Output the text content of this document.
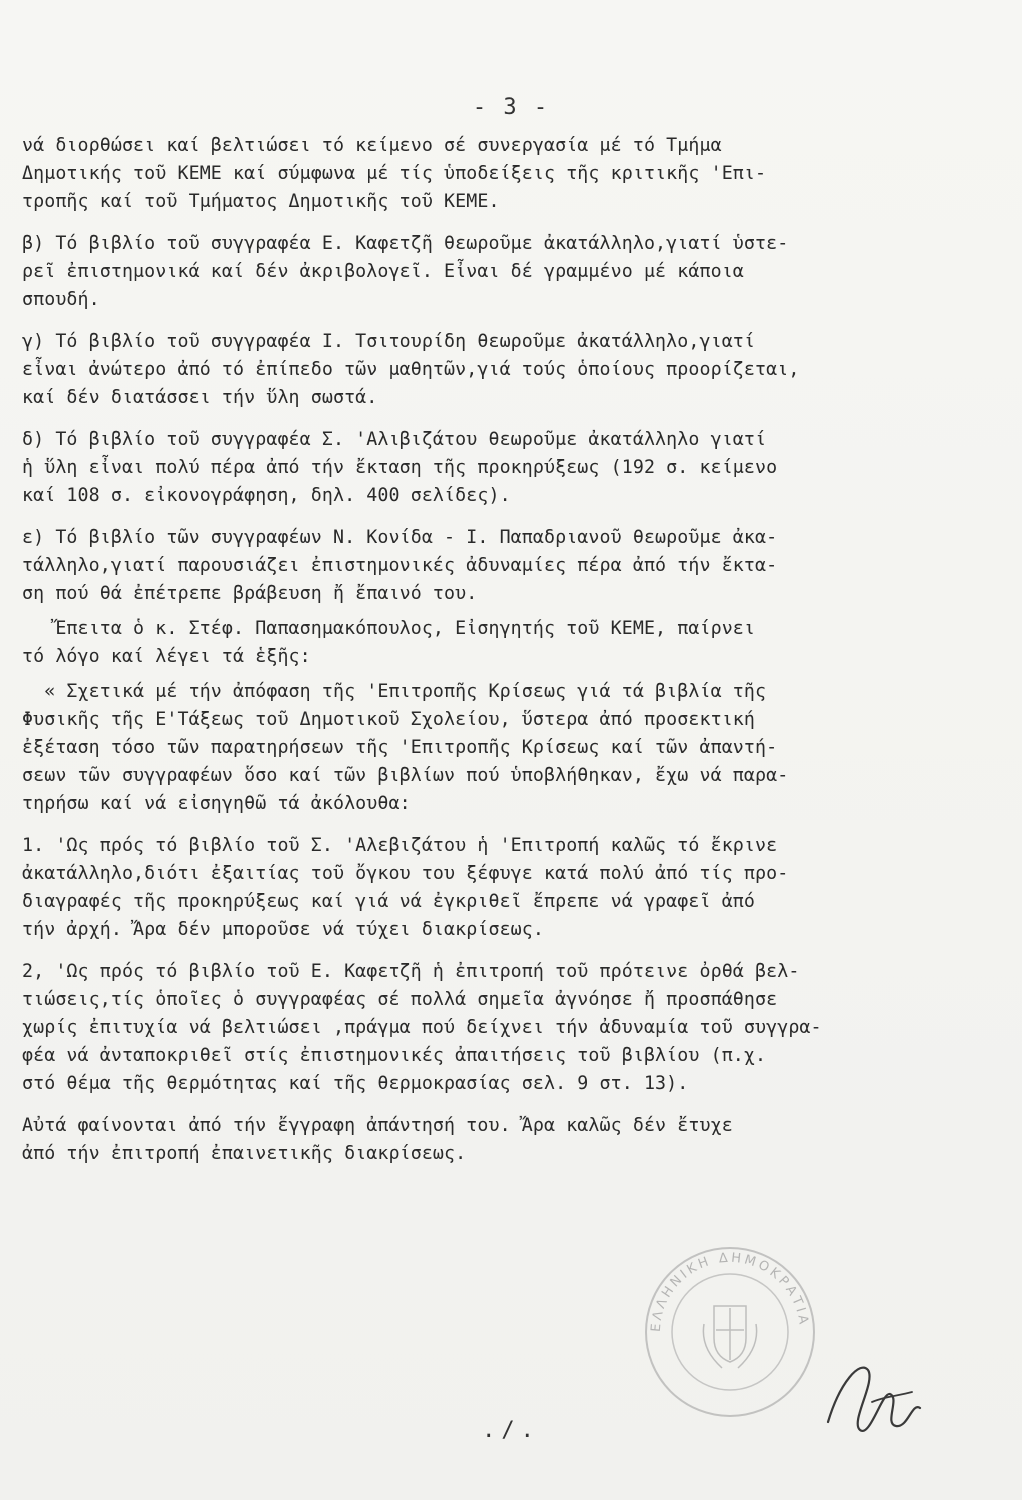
- 3 -
νά διορθώσει καί βελτιώσει τό κείμενο σέ συνεργασία μέ τό Τμήμα
Δημοτικής τοῦ ΚΕΜΕ καί σύμφωνα μέ τίς ὑποδείξεις τῆς κριτικῆς 'Επι-
τροπῆς καί τοῦ Τμήματος Δημοτικῆς τοῦ ΚΕΜΕ.
β) Τό βιβλίο τοῦ συγγραφέα Ε. Καφετζῆ θεωροῦμε ἀκατάλληλο,γιατί ὑστε-
ρεῖ ἐπιστημονικά καί δέν ἀκριβολογεῖ. Εἶναι δέ γραμμένο μέ κάποια
σπουδή.
γ) Τό βιβλίο τοῦ συγγραφέα Ι. Τσιτουρίδη θεωροῦμε ἀκατάλληλο,γιατί
εἶναι ἀνώτερο ἀπό τό ἐπίπεδο τῶν μαθητῶν,γιά τούς ὁποίους προορίζεται,
καί δέν διατάσσει τήν ὕλη σωστά.
δ) Τό βιβλίο τοῦ συγγραφέα Σ. 'Αλιβιζάτου θεωροῦμε ἀκατάλληλο γιατί
ἡ ὕλη εἶναι πολύ πέρα ἀπό τήν ἔκταση τῆς προκηρύξεως (192 σ. κείμενο
καί 108 σ. εἰκονογράφηση, δηλ. 400 σελίδες).
ε) Τό βιβλίο τῶν συγγραφέων Ν. Κονίδα - Ι. Παπαδριανοῦ θεωροῦμε ἀκα-
τάλληλο,γιατί παρουσιάζει ἐπιστημονικές ἀδυναμίες πέρα ἀπό τήν ἔκτα-
ση πού θά ἐπέτρεπε βράβευση ἤ ἔπαινό του.
Ἔπειτα ὁ κ. Στέφ. Παπασημακόπουλος, Εἰσηγητής τοῦ ΚΕΜΕ, παίρνει
τό λόγο καί λέγει τά ἑξῆς:
« Σχετικά μέ τήν ἀπόφαση τῆς 'Επιτροπῆς Κρίσεως γιά τά βιβλία τῆς
Φυσικῆς τῆς Ε'Τάξεως τοῦ Δημοτικοῦ Σχολείου, ὕστερα ἀπό προσεκτική
ἐξέταση τόσο τῶν παρατηρήσεων τῆς 'Επιτροπῆς Κρίσεως καί τῶν ἀπαντή-
σεων τῶν συγγραφέων ὅσο καί τῶν βιβλίων πού ὑποβλήθηκαν, ἔχω νά παρα-
τηρήσω καί νά εἰσηγηθῶ τά ἀκόλουθα:
1. 'Ως πρός τό βιβλίο τοῦ Σ. 'Αλεβιζάτου ἡ 'Επιτροπή καλῶς τό ἔκρινε
ἀκατάλληλο,διότι ἐξαιτίας τοῦ ὄγκου του ξέφυγε κατά πολύ ἀπό τίς προ-
διαγραφές τῆς προκηρύξεως καί γιά νά ἐγκριθεῖ ἔπρεπε νά γραφεῖ ἀπό
τήν ἀρχή. Ἄρα δέν μποροῦσε νά τύχει διακρίσεως.
2, 'Ως πρός τό βιβλίο τοῦ Ε. Καφετζῆ ἡ ἐπιτροπή τοῦ πρότεινε ὀρθά βελ-
τιώσεις,τίς ὁποῖες ὁ συγγραφέας σέ πολλά σημεῖα ἀγνόησε ἤ προσπάθησε
χωρίς ἐπιτυχία νά βελτιώσει ,πράγμα πού δείχνει τήν ἀδυναμία τοῦ συγγρα-
φέα νά ἀνταποκριθεῖ στίς ἐπιστημονικές ἀπαιτήσεις τοῦ βιβλίου (π.χ.
στό θέμα τῆς θερμότητας καί τῆς θερμοκρασίας σελ. 9 στ. 13).
Αὐτά φαίνονται ἀπό τήν ἔγγραφη ἀπάντησή του. Ἄρα καλῶς δέν ἔτυχε
ἀπό τήν ἐπιτροπή ἐπαινετικῆς διακρίσεως.
ΕΛΛΗΝΙΚΗ ΔΗΜΟΚΡΑΤΙΑ
./.
